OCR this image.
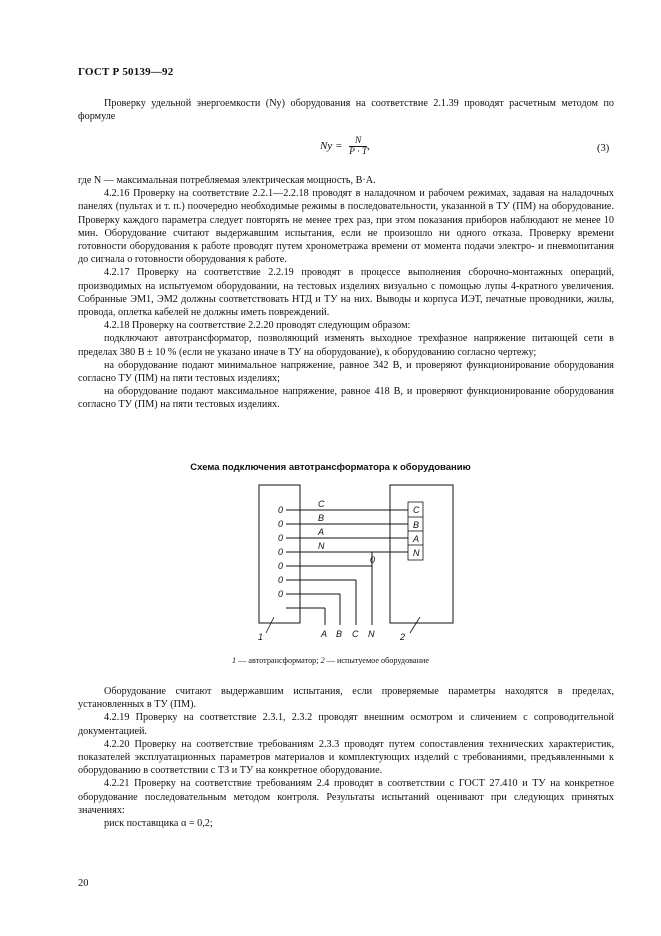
ГОСТ Р 50139—92

Проверку удельной энергоемкости (Nу) оборудования на соответствие 2.1.39 проводят расчетным методом по формуле

Nу = $\frac{N}{P \cdot T}$ ,	(3)

где N — максимальная потребляемая электрическая мощность, В·А.

4.2.16 Проверку на соответствие 2.2.1—2.2.18 проводят в наладочном и рабочем режимах, задавая на наладочных панелях (пультах и т. п.) поочередно необходимые режимы в последовательности, указанной в ТУ (ПМ) на оборудование. Проверку каждого параметра следует повторять не менее трех раз, при этом показания приборов наблюдают не менее 10 мин. Оборудование считают выдержавшим испытания, если не произошло ни одного отказа. Проверку времени готовности оборудования к работе проводят путем хронометража времени от момента подачи электро- и пневмопитания до сигнала о готовности оборудования к работе.

4.2.17 Проверку на соответствие 2.2.19 проводят в процессе выполнения сборочно-монтажных операций, производимых на испытуемом оборудовании, на тестовых изделиях визуально с помощью лупы 4-кратного увеличения. Собранные ЭМ1, ЭМ2 должны соответствовать НТД и ТУ на них. Выводы и корпуса ИЭТ, печатные проводники, жилы, провода, оплетка кабелей не должны иметь повреждений.

4.2.18 Проверку на соответствие 2.2.20 проводят следующим образом:

подключают автотрансформатор, позволяющий изменять выходное трехфазное напряжение питающей сети в пределах 380 В ± 10 % (если не указано иначе в ТУ на оборудование), к оборудованию согласно чертежу;

на оборудование подают минимальное напряжение, равное 342 В, и проверяют функционирование оборудования согласно ТУ (ПМ) на пяти тестовых изделиях;

на оборудование подают максимальное напряжение, равное 418 В, и проверяют функционирование оборудования согласно ТУ (ПМ) на пяти тестовых изделиях.

Схема подключения автотрансформатора к оборудованию
0
0
0
0
0
0
0
C
B
A
N
C
B
A
N
0
A B C N
1	2
1 — автотрансформатор; 2 — испытуемое оборудование

Оборудование считают выдержавшим испытания, если проверяемые параметры находятся в пределах, установленных в ТУ (ПМ).

4.2.19 Проверку на соответствие 2.3.1, 2.3.2 проводят внешним осмотром и сличением с сопроводительной документацией.

4.2.20 Проверку на соответствие требованиям 2.3.3 проводят путем сопоставления технических характеристик, показателей эксплуатационных параметров материалов и комплектующих изделий с требованиями, предъявленными к оборудованию в соответствии с ТЗ и ТУ на конкретное оборудование.

4.2.21 Проверку на соответствие требованиям 2.4 проводят в соответствии с ГОСТ 27.410 и ТУ на конкретное оборудование последовательным методом контроля. Результаты испытаний оценивают при следующих принятых значениях:

риск поставщика α = 0,2;

20
